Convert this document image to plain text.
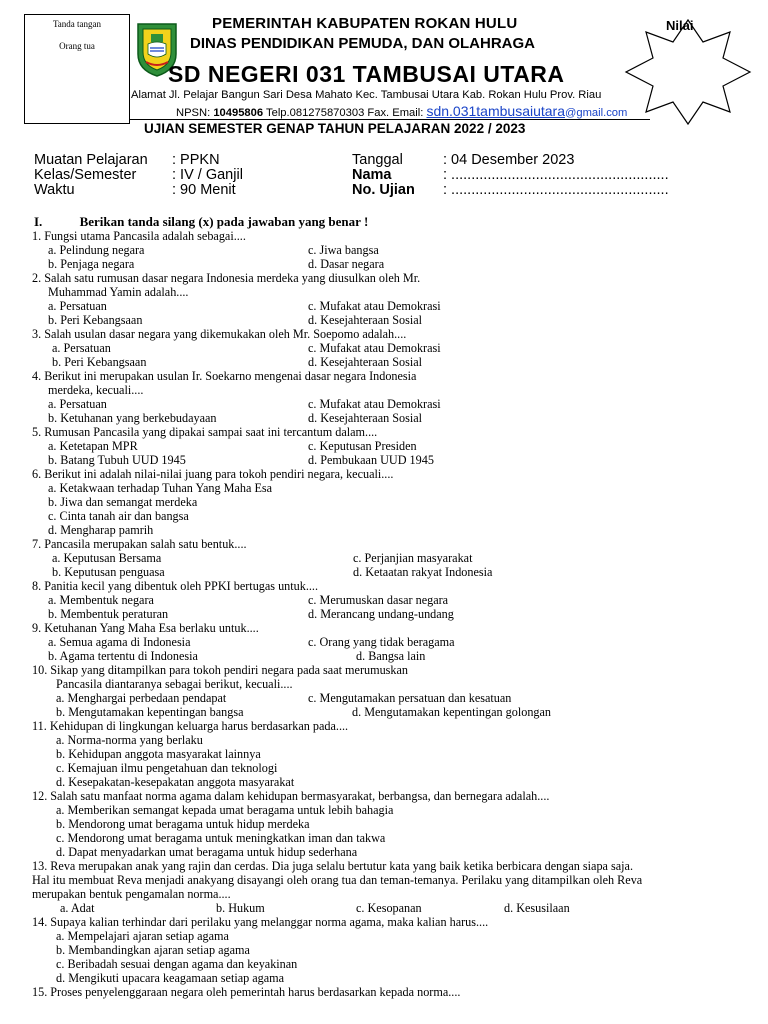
Tanda tangan
Orang tua
PEMERINTAH KABUPATEN ROKAN HULU
DINAS PENDIDIKAN PEMUDA, DAN OLAHRAGA
SD NEGERI 031 TAMBUSAI UTARA
Alamat Jl. Pelajar Bangun Sari Desa Mahato Kec. Tambusai Utara Kab. Rokan Hulu Prov. Riau
NPSN: 10495806 Telp.081275870303 Fax. Email: sdn.031tambusaiutara@gmail.com
Nilai
UJIAN SEMESTER GENAP TAHUN PELAJARAN 2022 / 2023
Muatan Pelajaran : PPKN
Kelas/Semester : IV / Ganjil
Waktu	: 90 Menit
Tanggal	: 04 Desember 2023
Nama	: ......................................................
No. Ujian : ......................................................
I.	Berikan tanda silang (x) pada jawaban yang benar !
1. Fungsi utama Pancasila adalah sebagai....
a. Pelindung negara	c. Jiwa bangsa
b. Penjaga negara	d. Dasar negara
2. Salah satu rumusan dasar negara Indonesia merdeka yang diusulkan oleh Mr.
Muhammad Yamin adalah....
a. Persatuan	c. Mufakat atau Demokrasi
b. Peri Kebangsaan	d. Kesejahteraan Sosial
3. Salah usulan dasar negara yang dikemukakan oleh Mr. Soepomo adalah....
a. Persatuan	c. Mufakat atau Demokrasi
b. Peri Kebangsaan	d. Kesejahteraan Sosial
4. Berikut ini merupakan usulan Ir. Soekarno mengenai dasar negara Indonesia
merdeka, kecuali....
a. Persatuan	c. Mufakat atau Demokrasi
b. Ketuhanan yang berkebudayaan	d. Kesejahteraan Sosial
5. Rumusan Pancasila yang dipakai sampai saat ini tercantum dalam....
a. Ketetapan MPR	c. Keputusan Presiden
b. Batang Tubuh UUD 1945	d. Pembukaan UUD 1945
6. Berikut ini adalah nilai-nilai juang para tokoh pendiri negara, kecuali....
a. Ketakwaan terhadap Tuhan Yang Maha Esa
b. Jiwa dan semangat merdeka
c. Cinta tanah air dan bangsa
d. Mengharap pamrih
7. Pancasila merupakan salah satu bentuk....
a. Keputusan Bersama	c. Perjanjian masyarakat
b. Keputusan penguasa	d. Ketaatan rakyat Indonesia
8. Panitia kecil yang dibentuk oleh PPKI bertugas untuk....
a. Membentuk negara	c. Merumuskan dasar negara
b. Membentuk peraturan	d. Merancang undang-undang
9. Ketuhanan Yang Maha Esa berlaku untuk....
a. Semua agama di Indonesia	c. Orang yang tidak beragama
b. Agama tertentu di Indonesia	d. Bangsa lain
10. Sikap yang ditampilkan para tokoh pendiri negara pada saat merumuskan
Pancasila diantaranya sebagai berikut, kecuali....
a. Menghargai perbedaan pendapat	c. Mengutamakan persatuan dan kesatuan
b. Mengutamakan kepentingan bangsa	d. Mengutamakan kepentingan golongan
11. Kehidupan di lingkungan keluarga harus berdasarkan pada....
a. Norma-norma yang berlaku
b. Kehidupan anggota masyarakat lainnya
c. Kemajuan ilmu pengetahuan dan teknologi
d. Kesepakatan-kesepakatan anggota masyarakat
12. Salah satu manfaat norma agama dalam kehidupan bermasyarakat, berbangsa, dan bernegara adalah....
a. Memberikan semangat kepada umat beragama untuk lebih bahagia
b. Mendorong umat beragama untuk hidup merdeka
c. Mendorong umat beragama untuk meningkatkan iman dan takwa
d. Dapat menyadarkan umat beragama untuk hidup sederhana
13. Reva merupakan anak yang rajin dan cerdas. Dia juga selalu bertutur kata yang baik ketika berbicara dengan siapa saja.
Hal itu membuat Reva menjadi anakyang disayangi oleh orang tua dan teman-temanya. Perilaku yang ditampilkan oleh Reva
merupakan bentuk pengamalan norma....
a. Adat	b. Hukum	c. Kesopanan	d. Kesusilaan
14. Supaya kalian terhindar dari perilaku yang melanggar norma agama, maka kalian harus....
a. Mempelajari ajaran setiap agama
b. Membandingkan ajaran setiap agama
c. Beribadah sesuai dengan agama dan keyakinan
d. Mengikuti upacara keagamaan setiap agama
15. Proses penyelenggaraan negara oleh pemerintah harus berdasarkan kepada norma....
